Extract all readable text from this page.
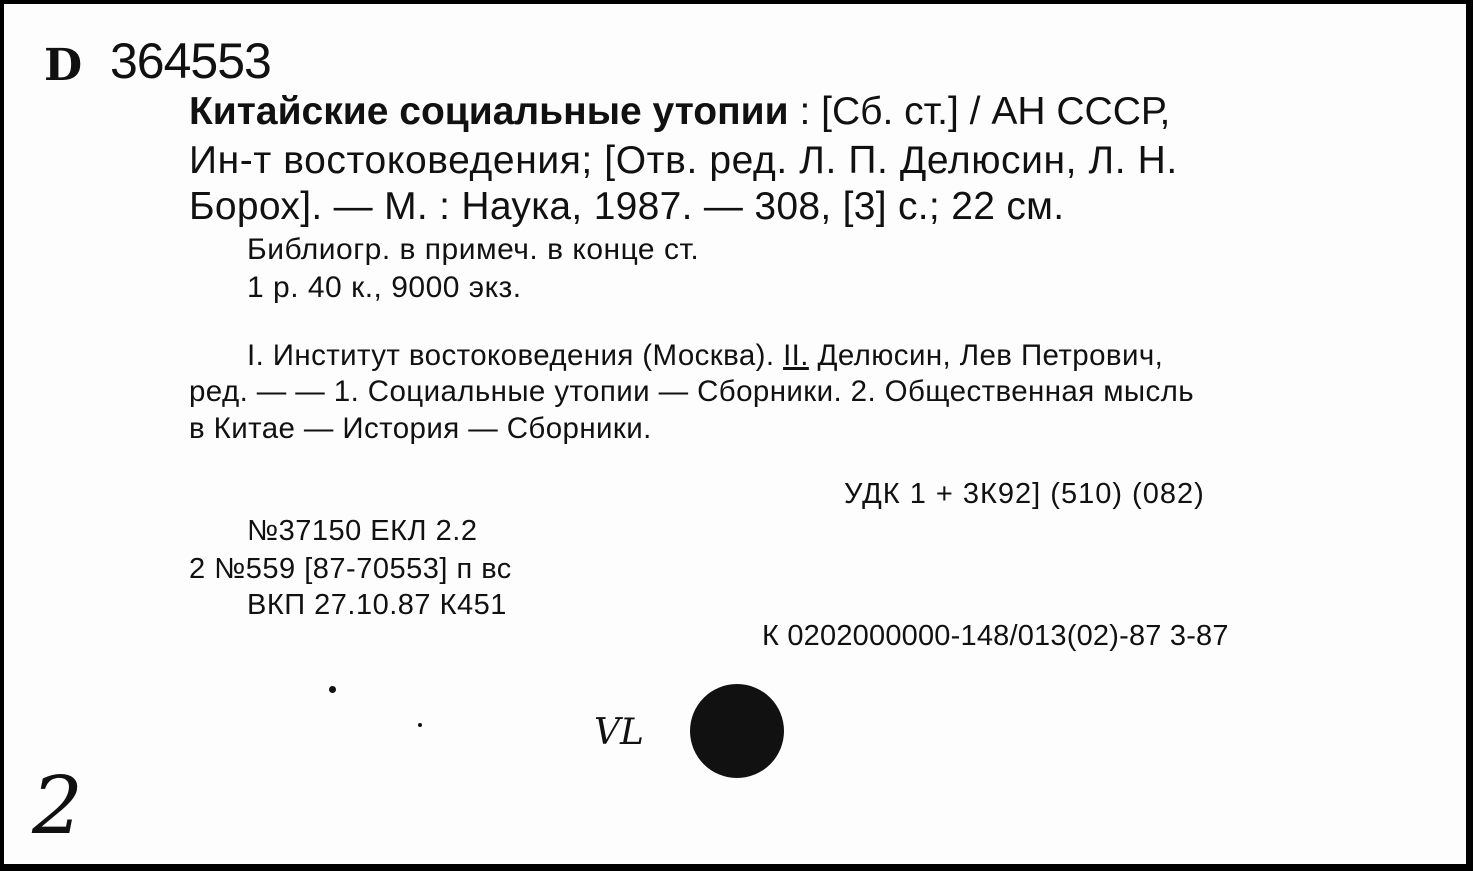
D 364553
Китайские социальные утопии : [Сб. ст.] / АН СССР,
Ин-т востоковедения; [Отв. ред. Л. П. Делюсин, Л. Н.
Борох]. — М. : Наука, 1987. — 308, [3] с.; 22 см.
Библиогр. в примеч. в конце ст.
1 р. 40 к., 9000 экз.
I. Институт востоковедения (Москва). II. Делюсин, Лев Петрович,
ред. — — 1. Социальные утопии — Сборники. 2. Общественная мысль
в Китае — История — Сборники.
УДК 1 + 3К92] (510) (082)
№37150 ЕКЛ 2.2
2 №559 [87-70553] п вс
ВКП 27.10.87 К451
К 0202000000-148/013(02)-87 3-87
VL
2
